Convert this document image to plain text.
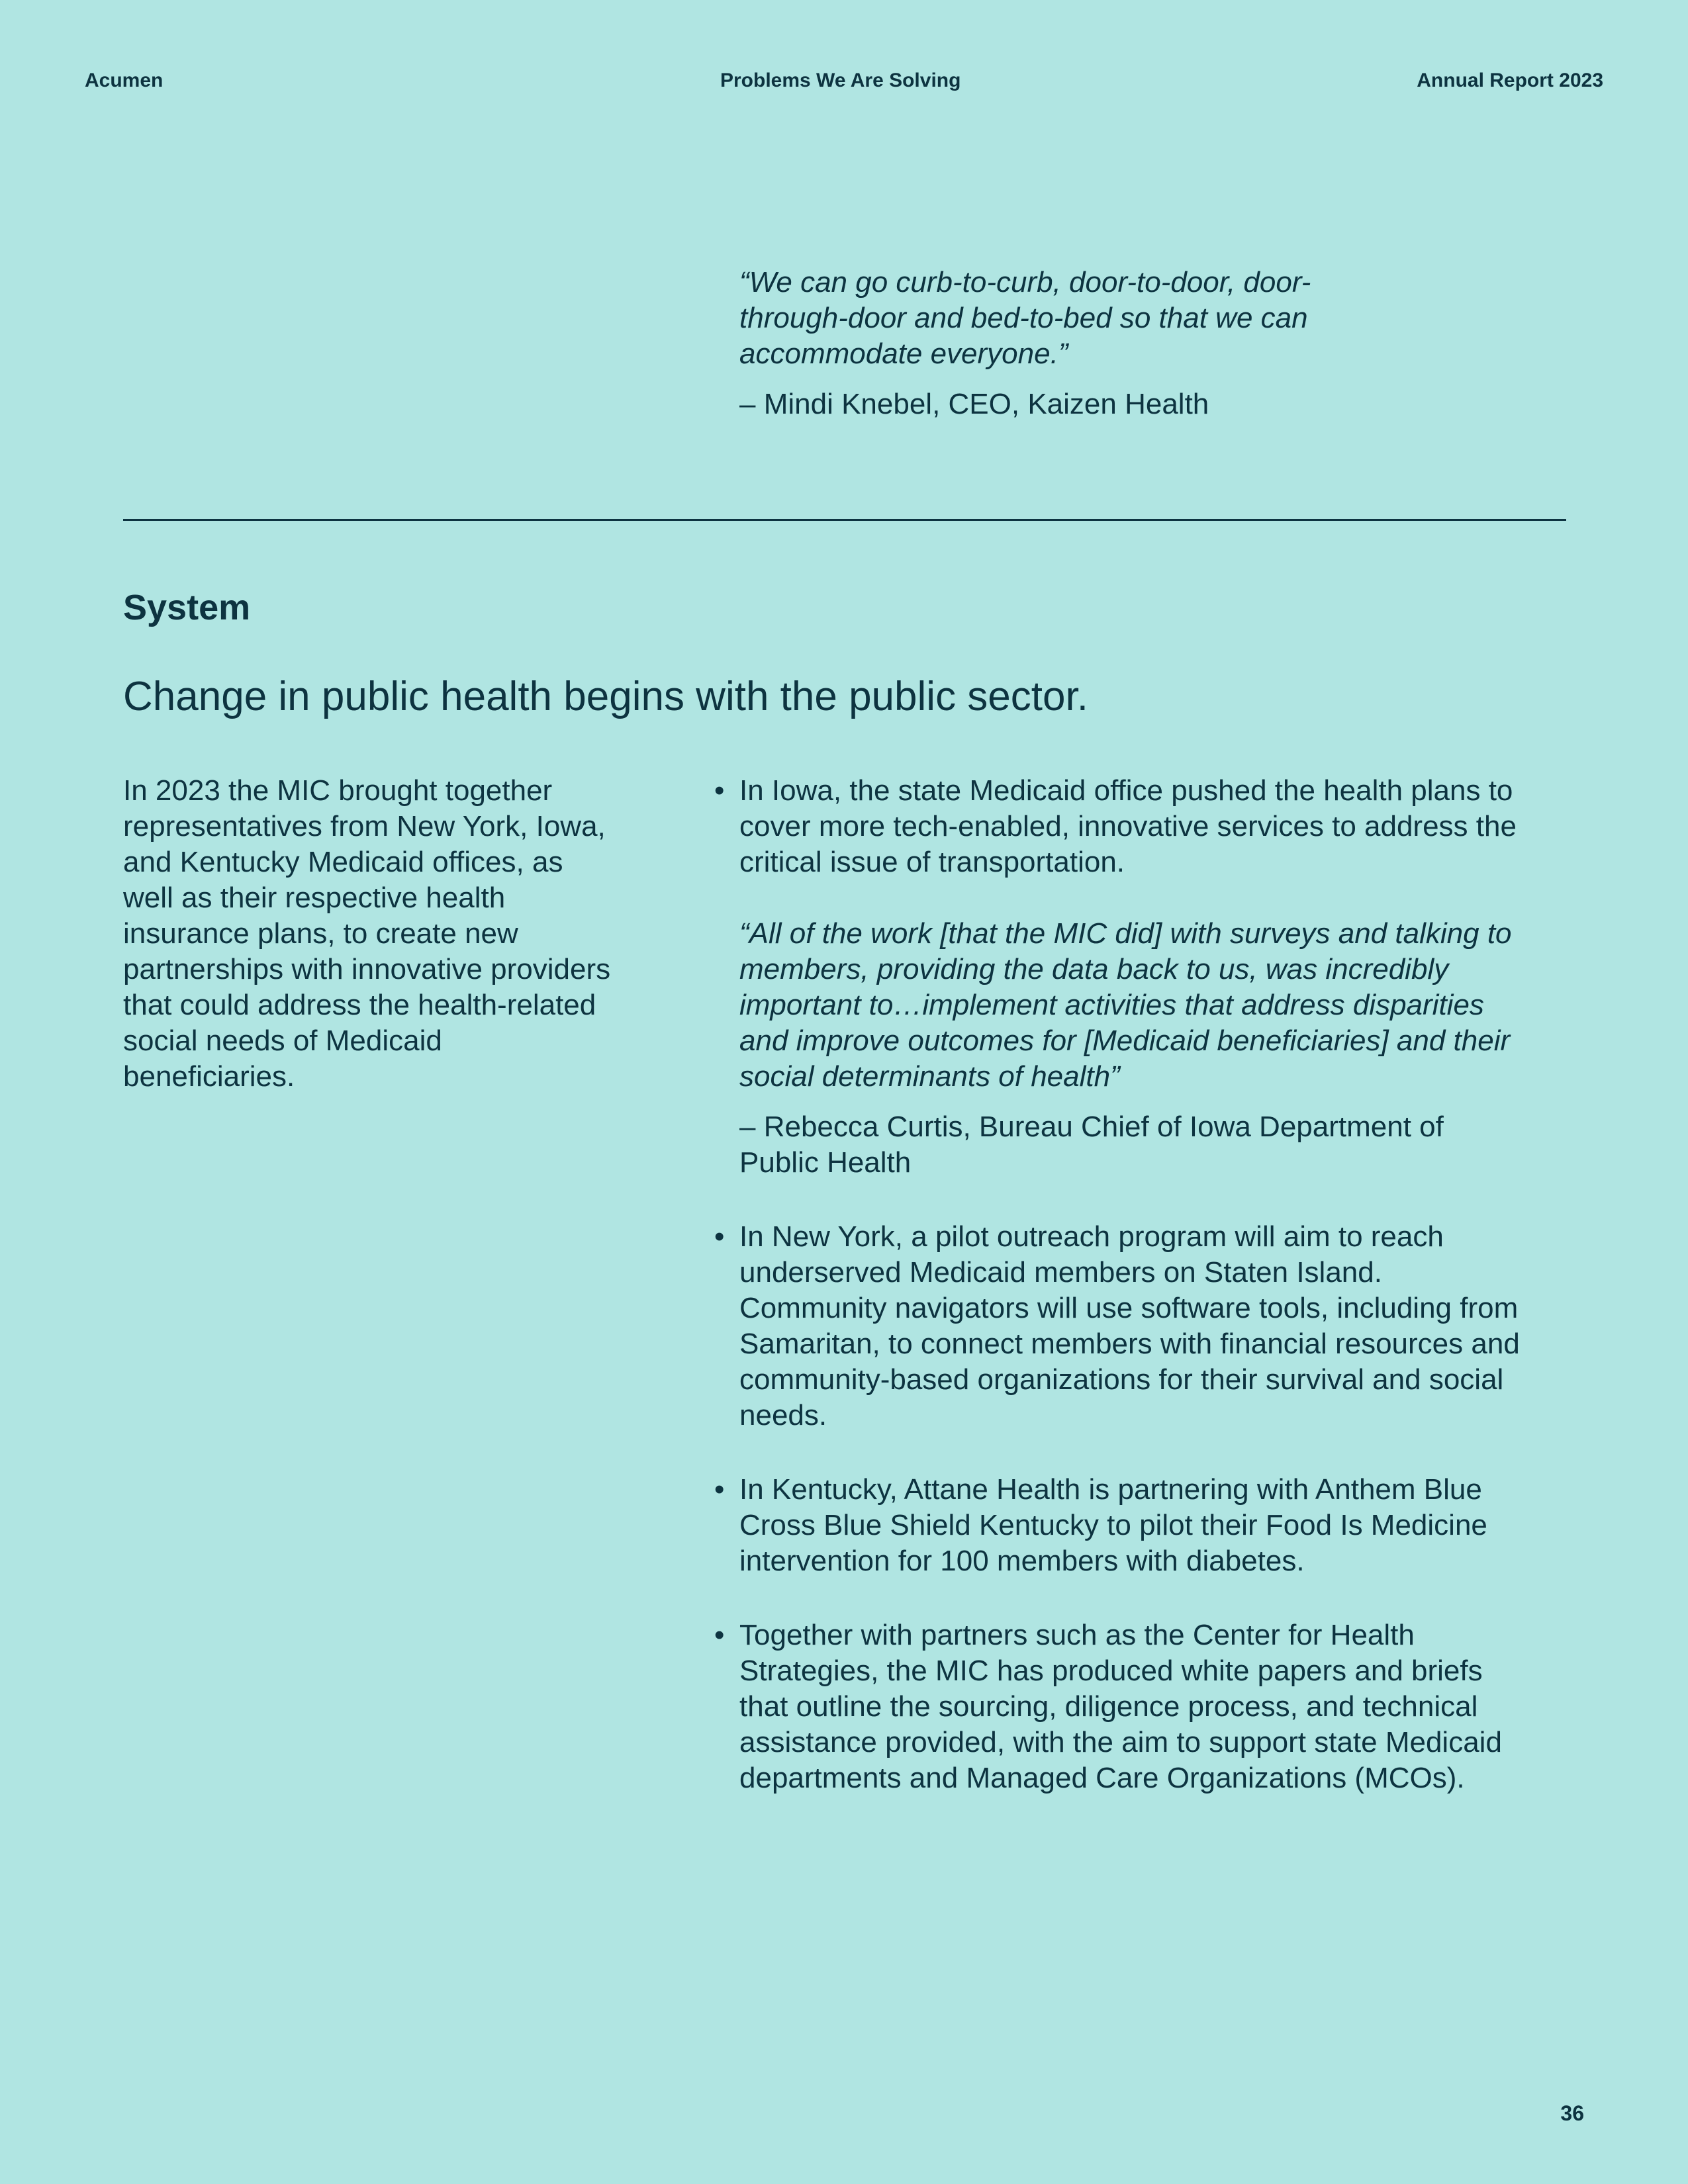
Acumen	Problems We Are Solving	Annual Report 2023

“We can go curb-to-curb, door-to-door, door-through-door and bed-to-bed so that we can accommodate everyone.”

– Mindi Knebel, CEO, Kaizen Health

System
Change in public health begins with the public sector.

In 2023 the MIC brought together representatives from New York, Iowa, and Kentucky Medicaid offices, as well as their respective health insurance plans, to create new partnerships with innovative providers that could address the health-related social needs of Medicaid beneficiaries.

• In Iowa, the state Medicaid office pushed the health plans to cover more tech-enabled, innovative services to address the critical issue of transportation.

“All of the work [that the MIC did] with surveys and talking to members, providing the data back to us, was incredibly important to…implement activities that address disparities and improve outcomes for [Medicaid beneficiaries] and their social determinants of health”

– Rebecca Curtis, Bureau Chief of Iowa Department of Public Health

• In New York, a pilot outreach program will aim to reach underserved Medicaid members on Staten Island. Community navigators will use software tools, including from Samaritan, to connect members with financial resources and community-based organizations for their survival and social needs.

• In Kentucky, Attane Health is partnering with Anthem Blue Cross Blue Shield Kentucky to pilot their Food Is Medicine intervention for 100 members with diabetes.

• Together with partners such as the Center for Health Strategies, the MIC has produced white papers and briefs that outline the sourcing, diligence process, and technical assistance provided, with the aim to support state Medicaid departments and Managed Care Organizations (MCOs).

36
